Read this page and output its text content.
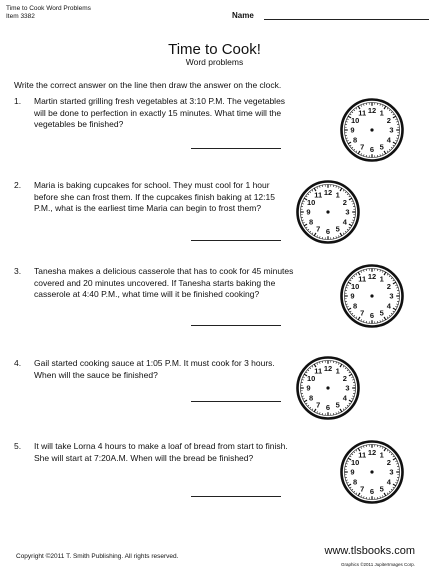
Time to Cook Word Problems
Item 3382	Name
Time to Cook!
Word problems
Write the correct answer on the line then draw the answer on the clock.
1. Martin started grilling fresh vegetables at 3:10 P.M. The vegetables will be done to perfection in exactly 15 minutes. What time will the vegetables be finished?
12 1
2
3
4
5
6
7
8
9
10
11
2. Maria is baking cupcakes for school. They must cool for 1 hour before she can frost them. If the cupcakes finish baking at 12:15 P.M., what is the earliest time Maria can begin to frost them?
12 1
2
3
4
5
6
7
8
9
10
11
3. Tanesha makes a delicious casserole that has to cook for 45 minutes covered and 20 minutes uncovered. If Tanesha starts baking the casserole at 4:40 P.M., what time will it be finished cooking?
12 1
2
3
4
5
6
7
8
9
10
11
4. Gail started cooking sauce at 1:05 P.M. It must cook for 3 hours. When will the sauce be finished?
12 1
2
3
4
5
6
7
8
9
10
11
5. It will take Lorna 4 hours to make a loaf of bread from start to finish. She will start at 7:20A.M. When will the bread be finished?	12 1
2
3
4
5
6
7
8
9
10
11
Copyright ©2011 T. Smith Publishing. All rights reserved.	www.tlsbooks.com
Graphics ©2011 JupiterImages Corp.
